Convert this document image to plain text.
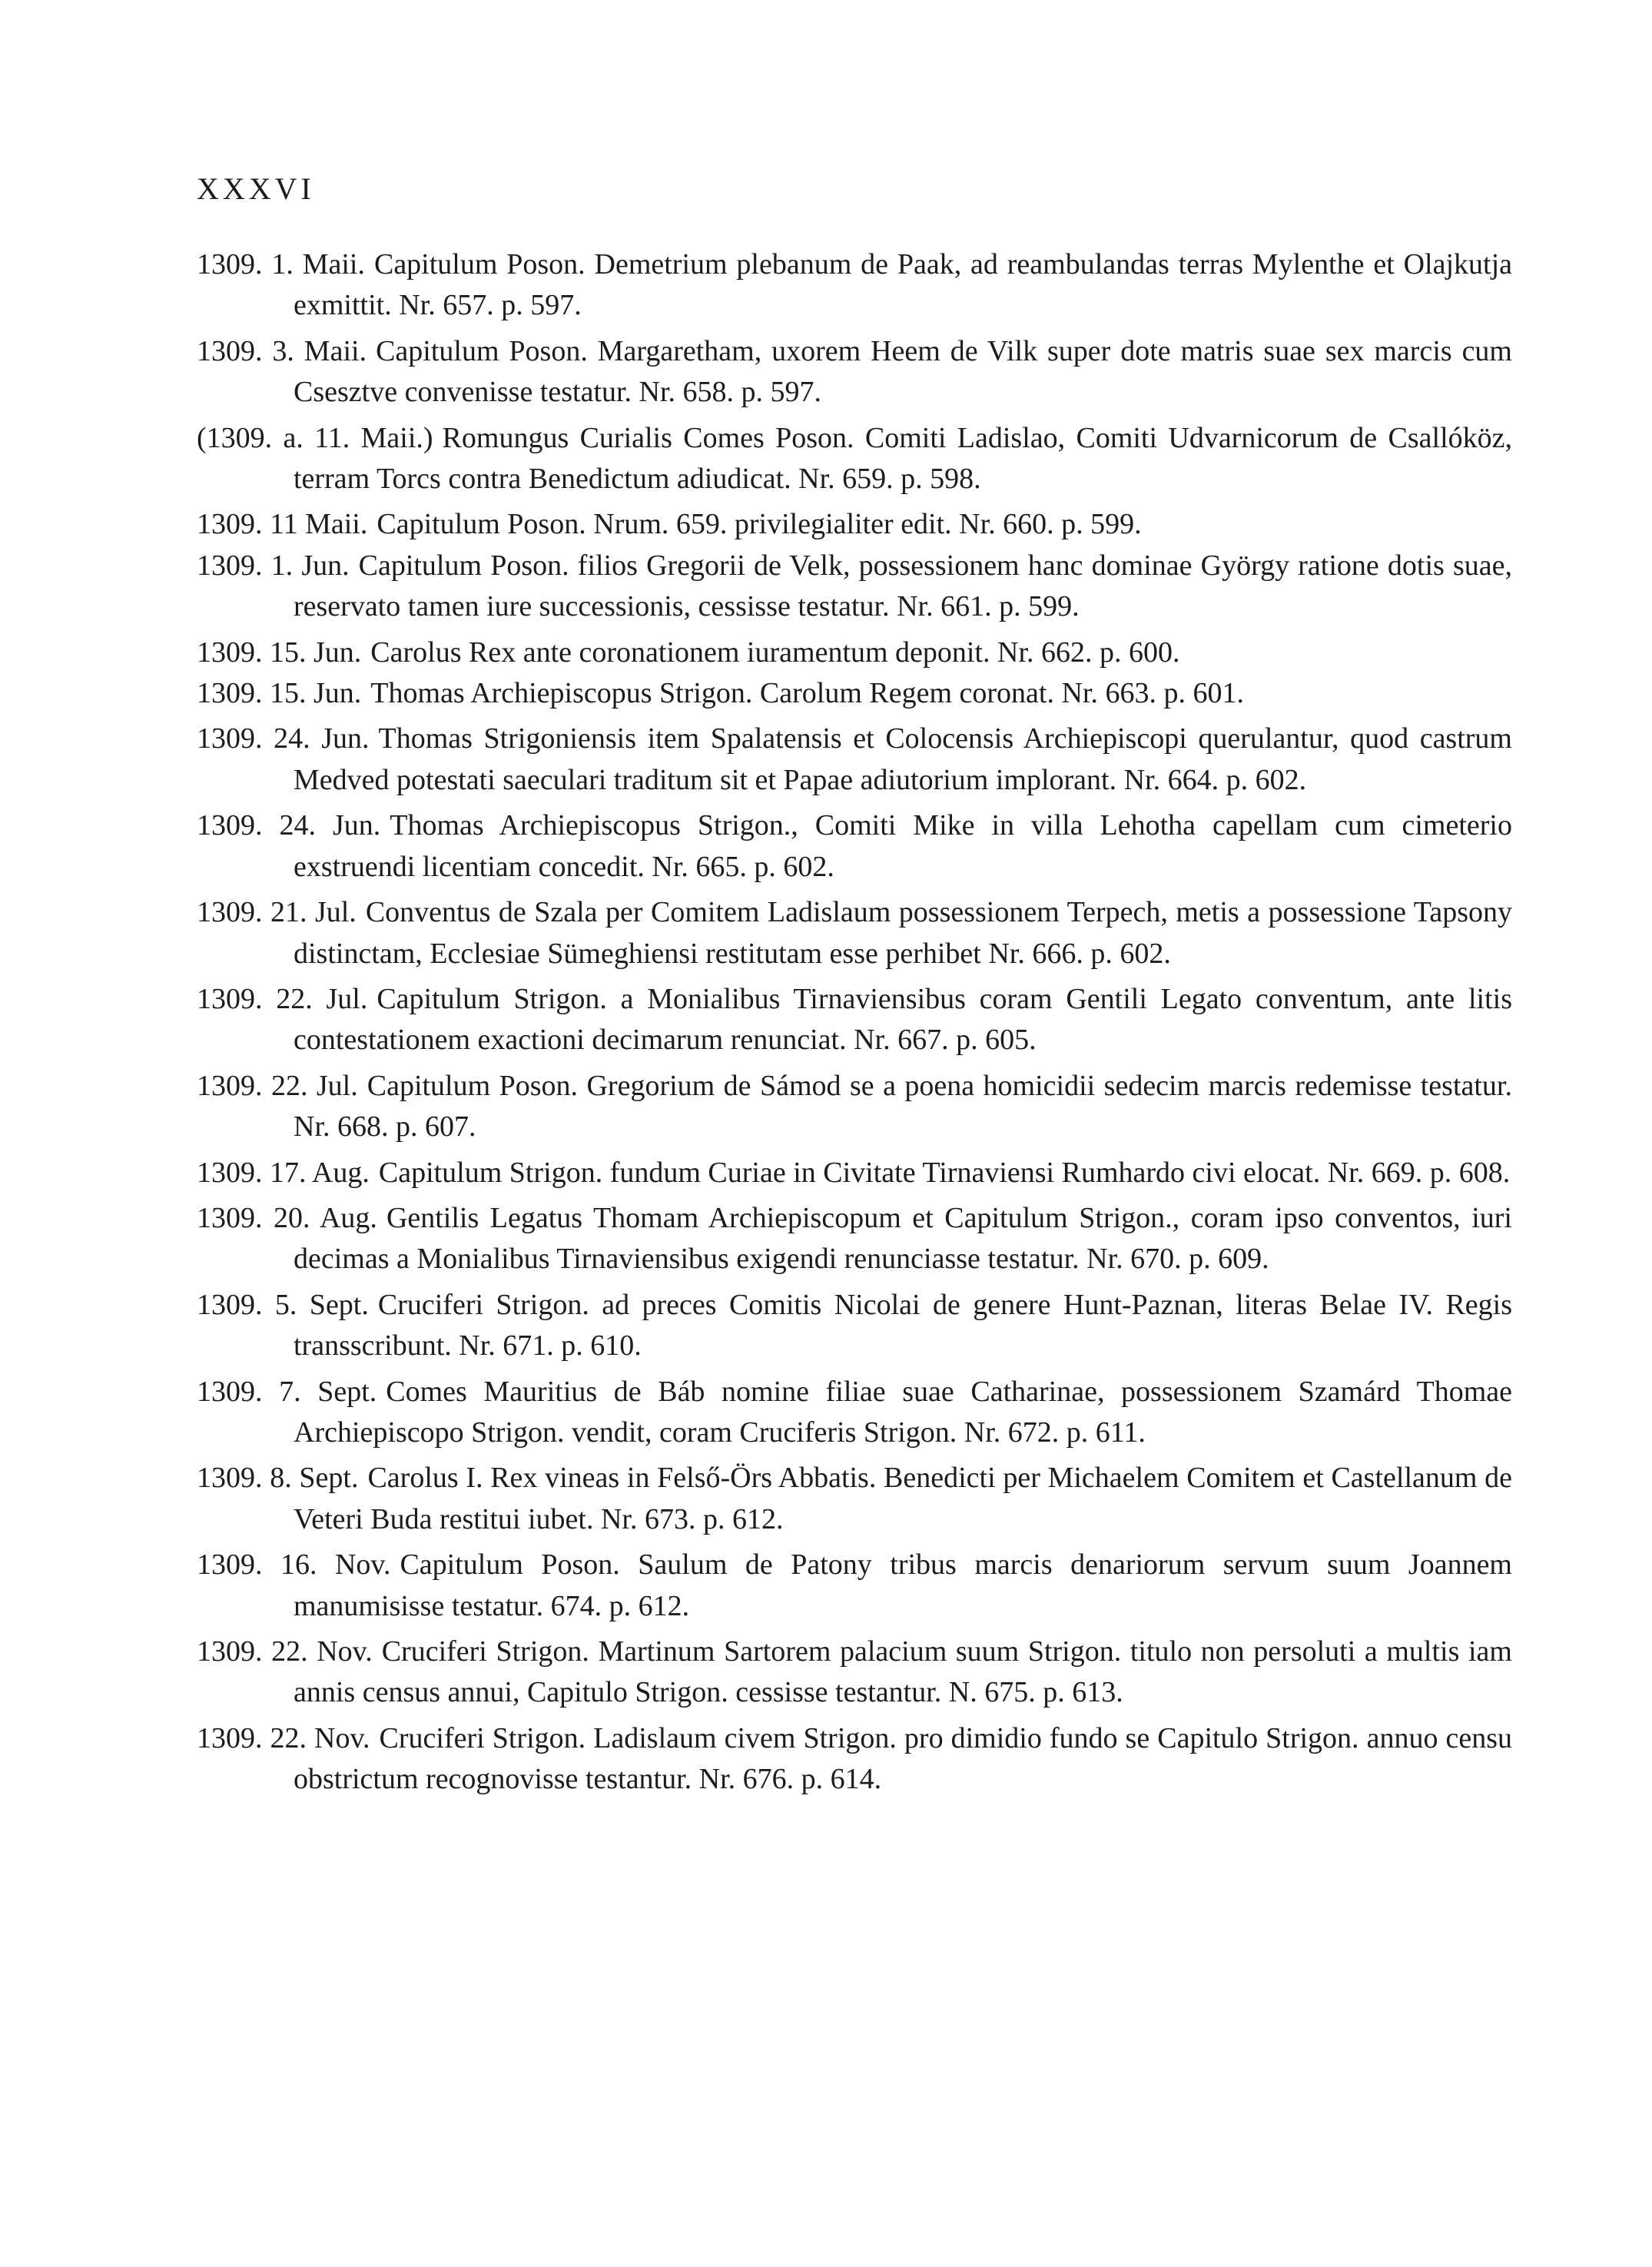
XXXVI
1309. 1. Maii. Capitulum Poson. Demetrium plebanum de Paak, ad reambulandas terras Mylenthe et Olajkutja exmittit. Nr. 657. p. 597.
1309. 3. Maii. Capitulum Poson. Margaretham, uxorem Heem de Vilk super dote matris suae sex marcis cum Csesztve convenisse testatur. Nr. 658. p. 597.
(1309. a. 11. Maii.) Romungus Curialis Comes Poson. Comiti Ladislao, Comiti Udvarnicorum de Csallóköz, terram Torcs contra Benedictum adiudicat. Nr. 659. p. 598.
1309. 11 Maii. Capitulum Poson. Nrum. 659. privilegialiter edit. Nr. 660. p. 599.
1309. 1. Jun. Capitulum Poson. filios Gregorii de Velk, possessionem hanc dominae György ratione dotis suae, reservato tamen iure successionis, cessisse testatur. Nr. 661. p. 599.
1309. 15. Jun. Carolus Rex ante coronationem iuramentum deponit. Nr. 662. p. 600.
1309. 15. Jun. Thomas Archiepiscopus Strigon. Carolum Regem coronat. Nr. 663. p. 601.
1309. 24. Jun. Thomas Strigoniensis item Spalatensis et Colocensis Archiepiscopi querulantur, quod castrum Medved potestati saeculari traditum sit et Papae adiutorium implorant. Nr. 664. p. 602.
1309. 24. Jun. Thomas Archiepiscopus Strigon., Comiti Mike in villa Lehotha capellam cum cimeterio exstruendi licentiam concedit. Nr. 665. p. 602.
1309. 21. Jul. Conventus de Szala per Comitem Ladislaum possessionem Terpech, metis a possessione Tapsony distinctam, Ecclesiae Sümeghiensi restitutam esse perhibet Nr. 666. p. 602.
1309. 22. Jul. Capitulum Strigon. a Monialibus Tirnaviensibus coram Gentili Legato conventum, ante litis contestationem exactioni decimarum renunciat. Nr. 667. p. 605.
1309. 22. Jul. Capitulum Poson. Gregorium de Sámod se a poena homicidii sedecim marcis redemisse testatur. Nr. 668. p. 607.
1309. 17. Aug. Capitulum Strigon. fundum Curiae in Civitate Tirnaviensi Rumhardo civi elocat. Nr. 669. p. 608.
1309. 20. Aug. Gentilis Legatus Thomam Archiepiscopum et Capitulum Strigon., coram ipso conventos, iuri decimas a Monialibus Tirnaviensibus exigendi renunciasse testatur. Nr. 670. p. 609.
1309. 5. Sept. Cruciferi Strigon. ad preces Comitis Nicolai de genere Hunt-Paznan, literas Belae IV. Regis transscribunt. Nr. 671. p. 610.
1309. 7. Sept. Comes Mauritius de Báb nomine filiae suae Catharinae, possessionem Szamárd Thomae Archiepiscopo Strigon. vendit, coram Cruciferis Strigon. Nr. 672. p. 611.
1309. 8. Sept. Carolus I. Rex vineas in Felső-Örs Abbatis. Benedicti per Michaelem Comitem et Castellanum de Veteri Buda restitui iubet. Nr. 673. p. 612.
1309. 16. Nov. Capitulum Poson. Saulum de Patony tribus marcis denariorum servum suum Joannem manumisisse testatur. 674. p. 612.
1309. 22. Nov. Cruciferi Strigon. Martinum Sartorem palacium suum Strigon. titulo non persoluti a multis iam annis census annui, Capitulo Strigon. cessisse testantur. N. 675. p. 613.
1309. 22. Nov. Cruciferi Strigon. Ladislaum civem Strigon. pro dimidio fundo se Capitulo Strigon. annuo censu obstrictum recognovisse testantur. Nr. 676. p. 614.
